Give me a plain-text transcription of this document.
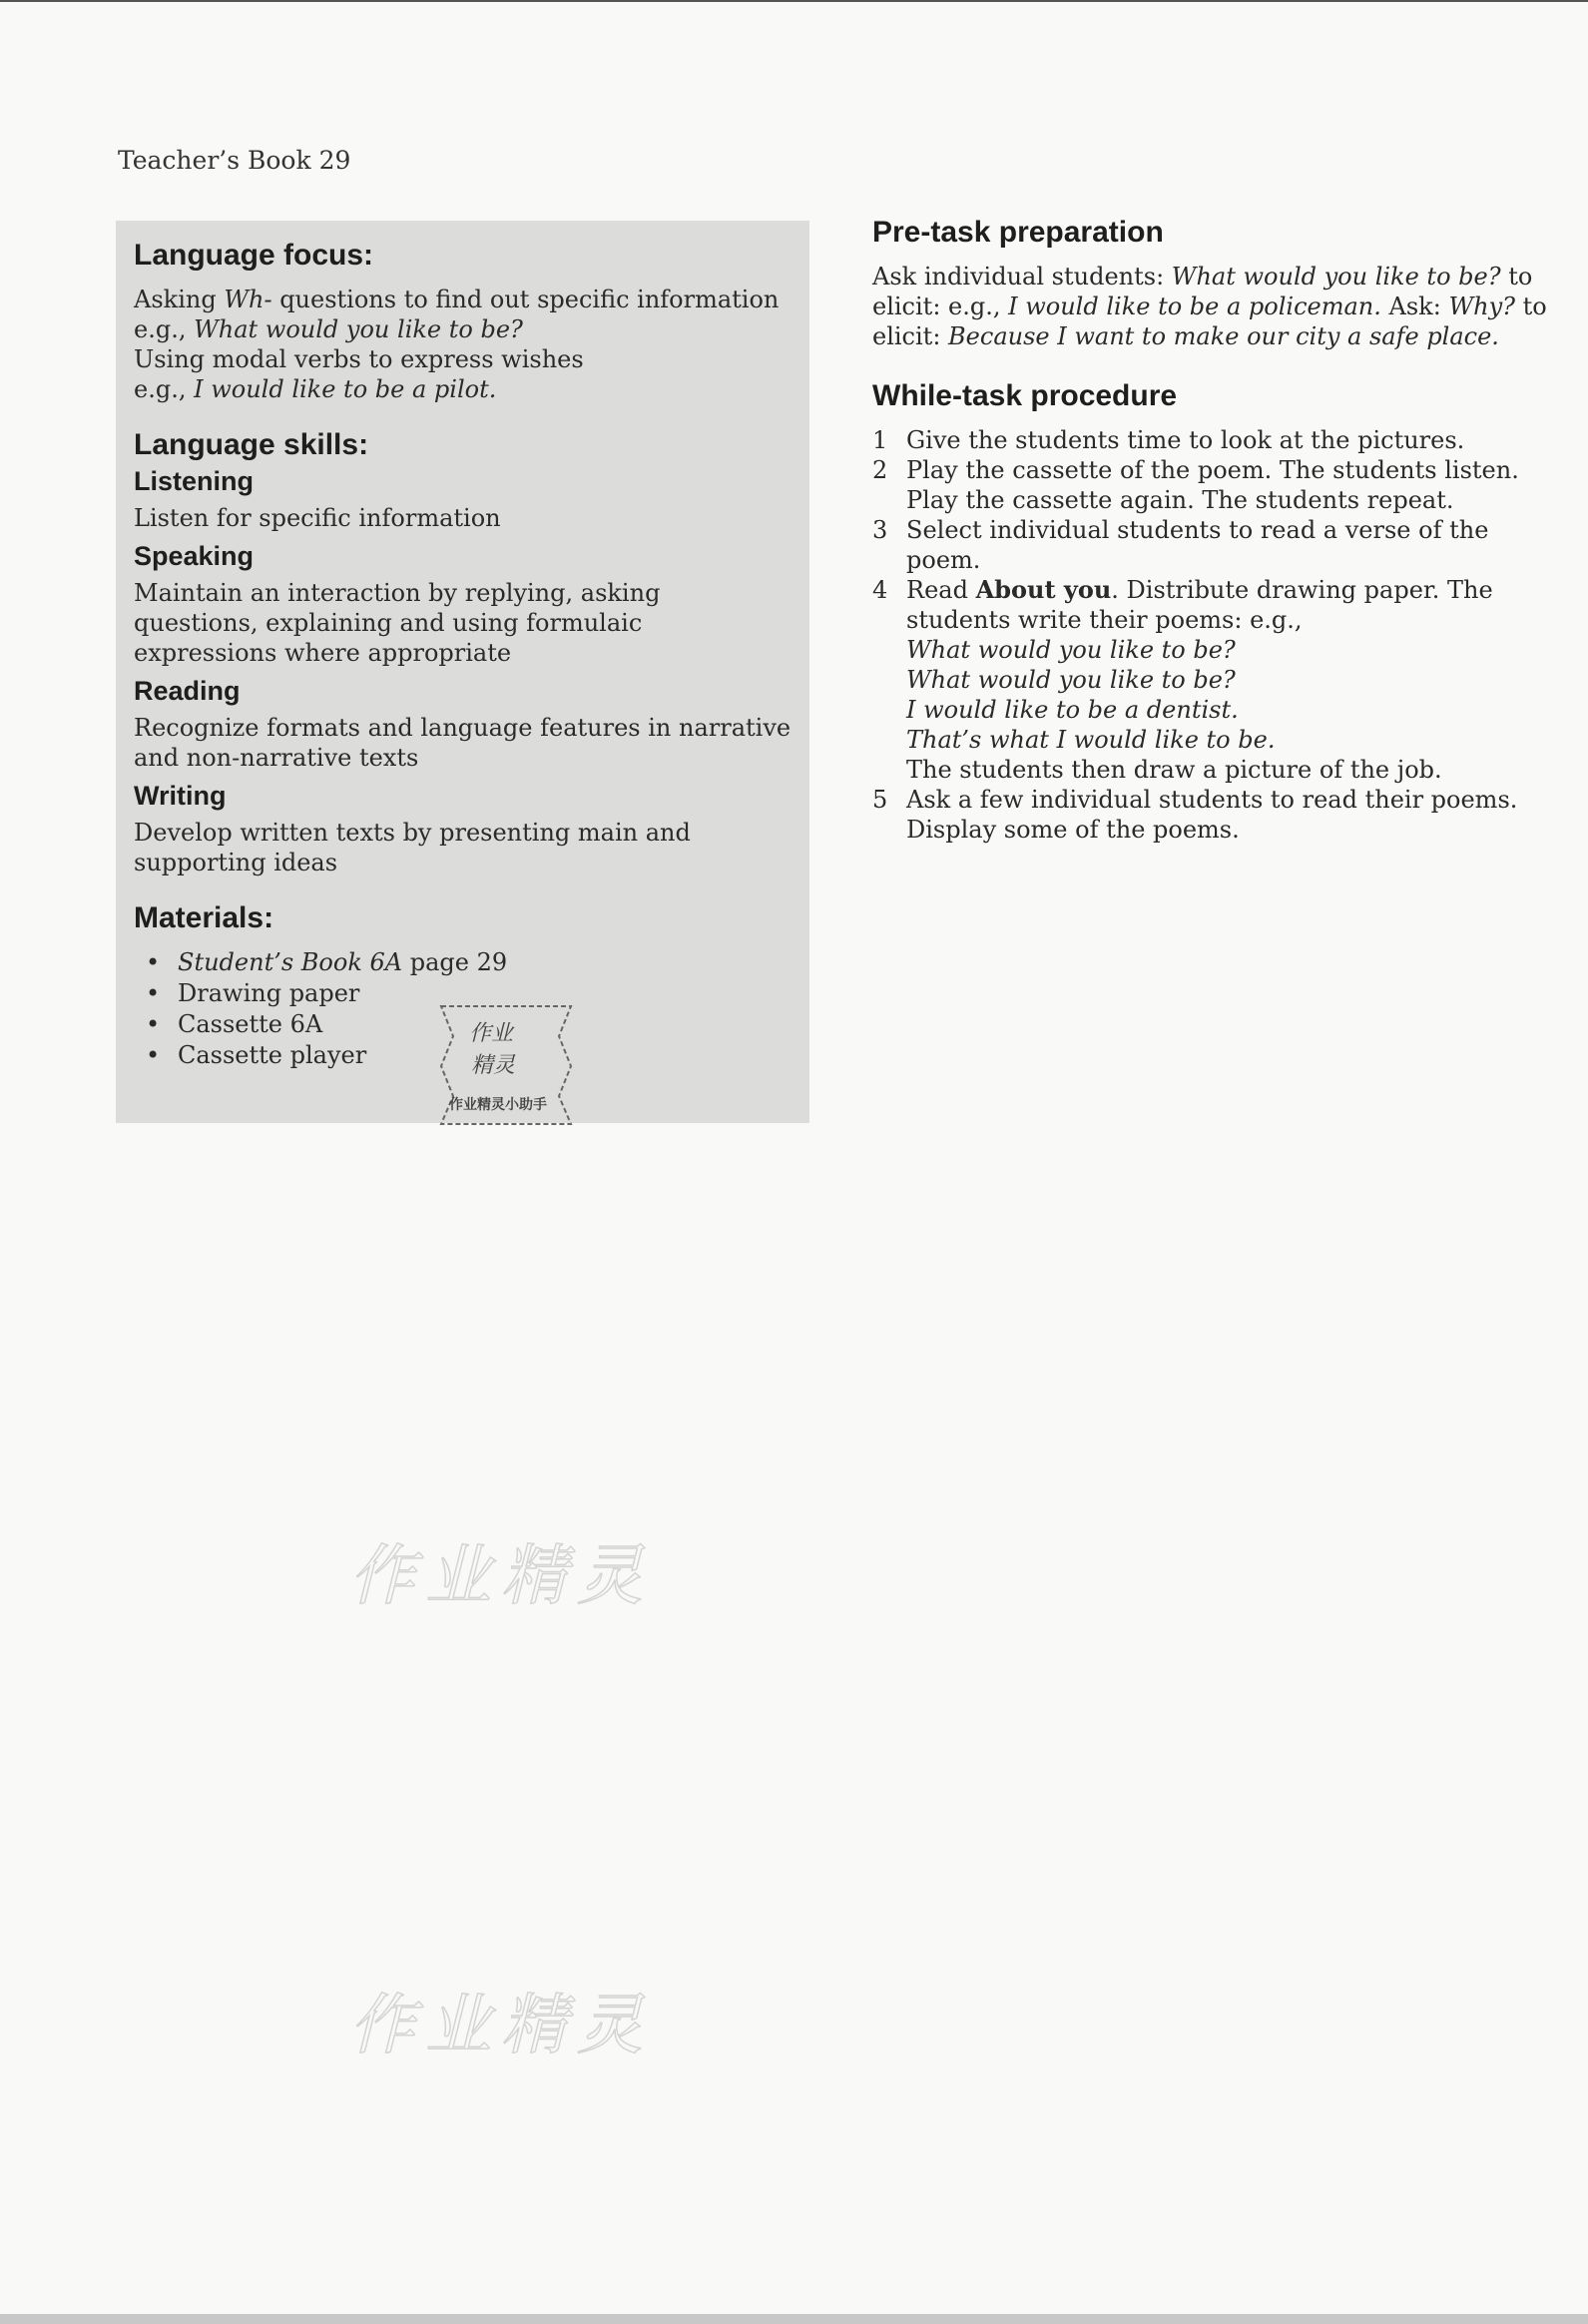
Teacher’s Book 29
Language focus:

Asking Wh- questions to find out specific information

e.g., What would you like to be?

Using modal verbs to express wishes

e.g., I would like to be a pilot.

Language skills:
Listening

Listen for specific information

Speaking

Maintain an interaction by replying, asking questions, explaining and using formulaic expressions where appropriate

Reading

Recognize formats and language features in narrative and non-narrative texts

Writing

Develop written texts by presenting main and supporting ideas

Materials:
• Student’s Book 6A page 29
• Drawing paper
• Cassette 6A
• Cassette player
作业
精灵
作业精灵小助手
Pre-task preparation

Ask individual students: What would you like to be? to elicit: e.g., I would like to be a policeman. Ask: Why? to elicit: Because I want to make our city a safe place.

While-task procedure
1 Give the students time to look at the pictures.
2 Play the cassette of the poem. The students listen. Play the cassette again. The students repeat.
3 Select individual students to read a verse of the poem.
4 Read About you. Distribute drawing paper. The students write their poems: e.g.,
What would you like to be?
What would you like to be?
I would like to be a dentist.
That’s what I would like to be.
The students then draw a picture of the job.
5 Ask a few individual students to read their poems. Display some of the poems.
作业精灵
作业精灵
